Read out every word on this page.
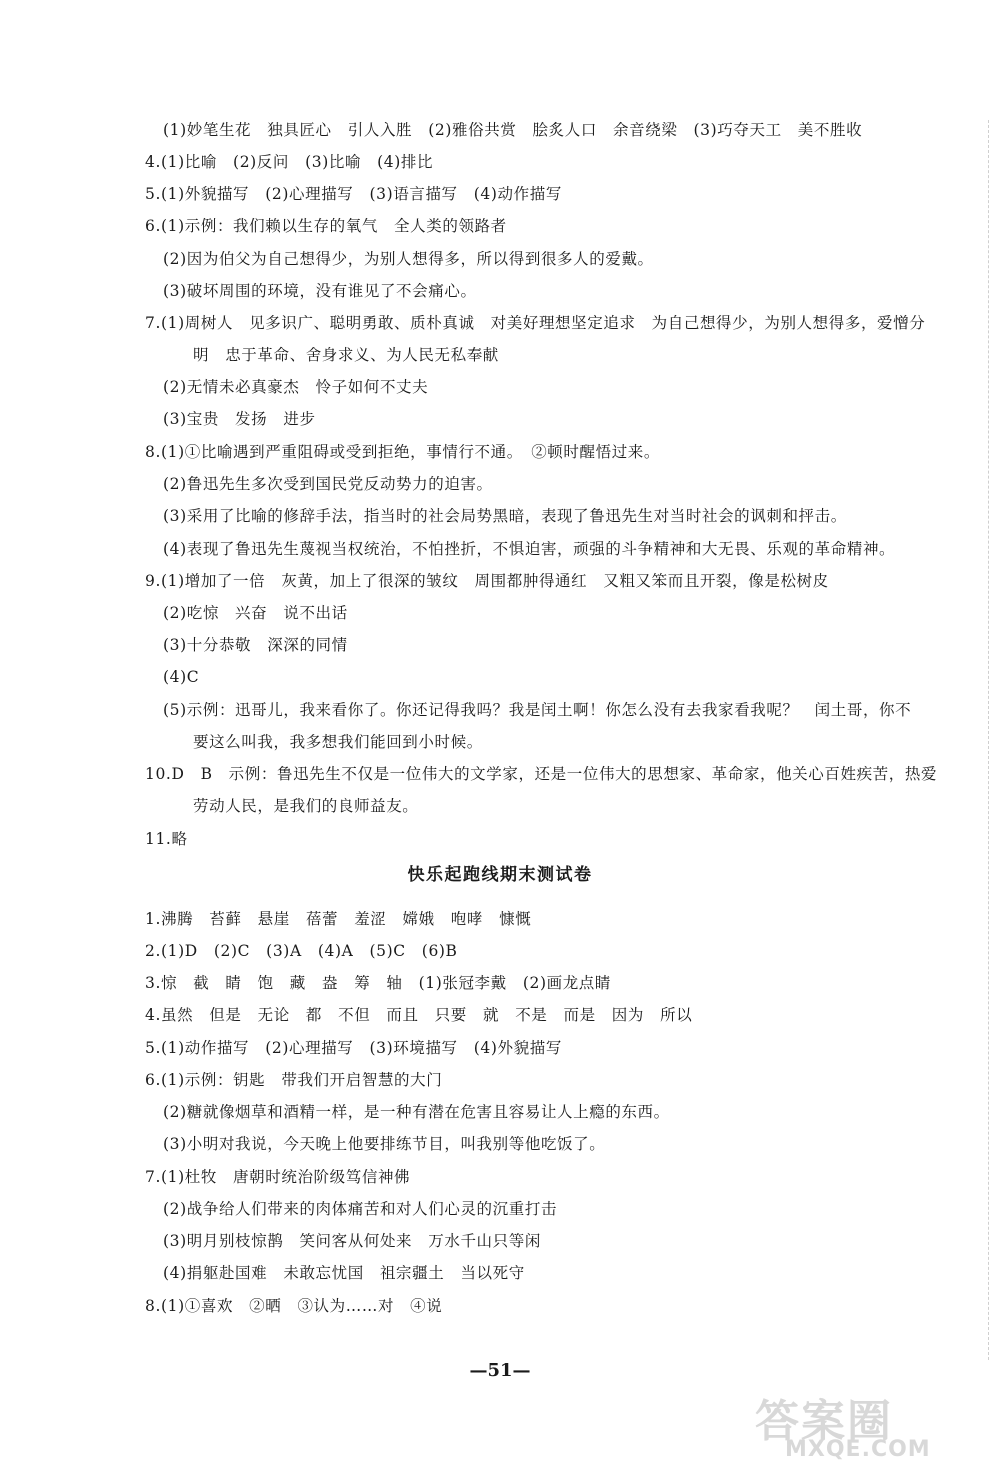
(1)妙笔生花　独具匠心　引人入胜　(2)雅俗共赏　脍炙人口　余音绕梁　(3)巧夺天工　美不胜收
4.(1)比喻　(2)反问　(3)比喻　(4)排比
5.(1)外貌描写　(2)心理描写　(3)语言描写　(4)动作描写
6.(1)示例：我们赖以生存的氧气　全人类的领路者
(2)因为伯父为自己想得少，为别人想得多，所以得到很多人的爱戴。
(3)破坏周围的环境，没有谁见了不会痛心。
7.(1)周树人　见多识广、聪明勇敢、质朴真诚　对美好理想坚定追求　为自己想得少，为别人想得多，爱憎分
明　忠于革命、舍身求义、为人民无私奉献
(2)无情未必真豪杰　怜子如何不丈夫
(3)宝贵　发扬　进步
8.(1)①比喻遇到严重阻碍或受到拒绝，事情行不通。　②顿时醒悟过来。
(2)鲁迅先生多次受到国民党反动势力的迫害。
(3)采用了比喻的修辞手法，指当时的社会局势黑暗，表现了鲁迅先生对当时社会的讽刺和抨击。
(4)表现了鲁迅先生蔑视当权统治，不怕挫折，不惧迫害，顽强的斗争精神和大无畏、乐观的革命精神。
9.(1)增加了一倍　灰黄，加上了很深的皱纹　周围都肿得通红　又粗又笨而且开裂，像是松树皮
(2)吃惊　兴奋　说不出话
(3)十分恭敬　深深的同情
(4)C
(5)示例：迅哥儿，我来看你了。你还记得我吗？我是闰土啊！你怎么没有去我家看我呢？　闰土哥，你不
要这么叫我，我多想我们能回到小时候。
10.D　B　示例：鲁迅先生不仅是一位伟大的文学家，还是一位伟大的思想家、革命家，他关心百姓疾苦，热爱
劳动人民，是我们的良师益友。
11.略
快乐起跑线期末测试卷
1.沸腾　苔藓　悬崖　蓓蕾　羞涩　嫦娥　咆哮　慷慨
2.(1)D　(2)C　(3)A　(4)A　(5)C　(6)B
3.惊　截　睛　饱　藏　盎　筹　轴　(1)张冠李戴　(2)画龙点睛
4.虽然　但是　无论　都　不但　而且　只要　就　不是　而是　因为　所以
5.(1)动作描写　(2)心理描写　(3)环境描写　(4)外貌描写
6.(1)示例：钥匙　带我们开启智慧的大门
(2)糖就像烟草和酒精一样，是一种有潜在危害且容易让人上瘾的东西。
(3)小明对我说，今天晚上他要排练节目，叫我别等他吃饭了。
7.(1)杜牧　唐朝时统治阶级笃信神佛
(2)战争给人们带来的肉体痛苦和对人们心灵的沉重打击
(3)明月别枝惊鹊　笑问客从何处来　万水千山只等闲
(4)捐躯赴国难　未敢忘忧国　祖宗疆土　当以死守
8.(1)①喜欢　②晒　③认为……对　④说
—51—
答案圈
MXQE.COM
